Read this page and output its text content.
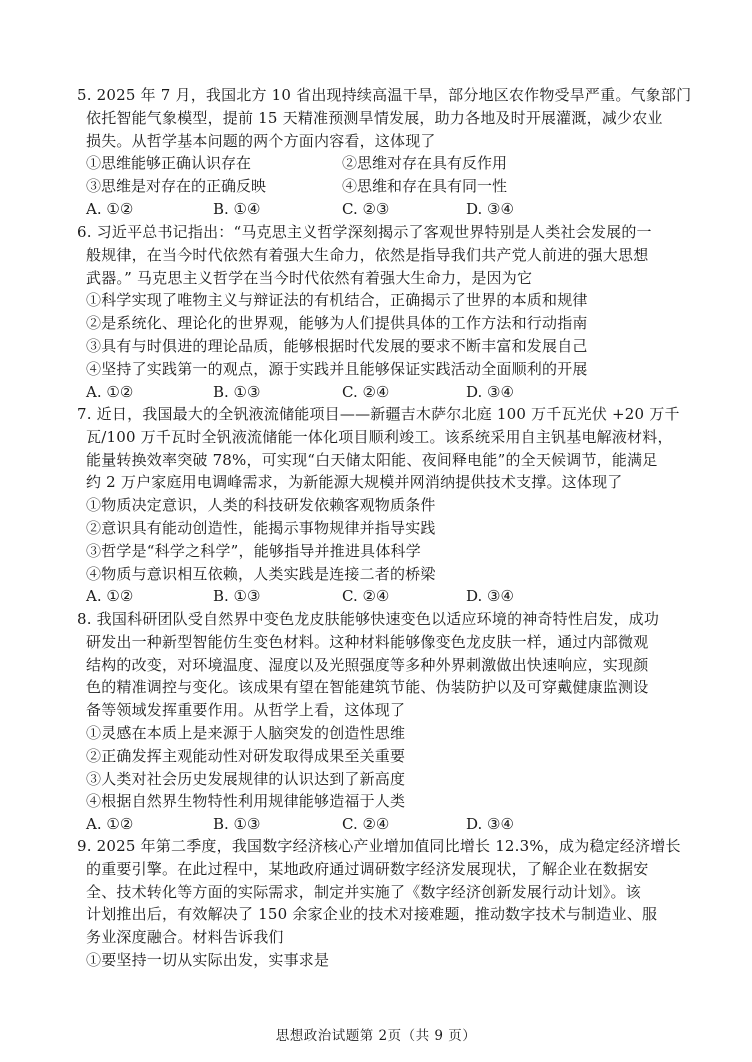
5. 2025 年 7 月，我国北方 10 省出现持续高温干旱，部分地区农作物受旱严重。气象部门
依托智能气象模型，提前 15 天精准预测旱情发展，助力各地及时开展灌溉，减少农业
损失。从哲学基本问题的两个方面内容看，这体现了
①思维能够正确认识存在	②思维对存在具有反作用
③思维是对存在的正确反映	④思维和存在具有同一性
A. ①②	B. ①④	C. ②③	D. ③④
6. 习近平总书记指出：“马克思主义哲学深刻揭示了客观世界特别是人类社会发展的一
般规律，在当今时代依然有着强大生命力，依然是指导我们共产党人前进的强大思想
武器。” 马克思主义哲学在当今时代依然有着强大生命力，是因为它
①科学实现了唯物主义与辩证法的有机结合，正确揭示了世界的本质和规律
②是系统化、理论化的世界观，能够为人们提供具体的工作方法和行动指南
③具有与时俱进的理论品质，能够根据时代发展的要求不断丰富和发展自己
④坚持了实践第一的观点，源于实践并且能够保证实践活动全面顺利的开展
A. ①②	B. ①③	C. ②④	D. ③④
7. 近日，我国最大的全钒液流储能项目——新疆吉木萨尔北庭 100 万千瓦光伏 +20 万千
瓦/100 万千瓦时全钒液流储能一体化项目顺利竣工。该系统采用自主钒基电解液材料，
能量转换效率突破 78%，可实现“白天储太阳能、夜间释电能”的全天候调节，能满足
约 2 万户家庭用电调峰需求，为新能源大规模并网消纳提供技术支撑。这体现了
①物质决定意识，人类的科技研发依赖客观物质条件
②意识具有能动创造性，能揭示事物规律并指导实践
③哲学是“科学之科学”，能够指导并推进具体科学
④物质与意识相互依赖，人类实践是连接二者的桥梁
A. ①②	B. ①③	C. ②④	D. ③④
8. 我国科研团队受自然界中变色龙皮肤能够快速变色以适应环境的神奇特性启发，成功
研发出一种新型智能仿生变色材料。这种材料能够像变色龙皮肤一样，通过内部微观
结构的改变，对环境温度、湿度以及光照强度等多种外界刺激做出快速响应，实现颜
色的精准调控与变化。该成果有望在智能建筑节能、伪装防护以及可穿戴健康监测设
备等领域发挥重要作用。从哲学上看，这体现了
①灵感在本质上是来源于人脑突发的创造性思维
②正确发挥主观能动性对研发取得成果至关重要
③人类对社会历史发展规律的认识达到了新高度
④根据自然界生物特性利用规律能够造福于人类
A. ①②	B. ①③	C. ②④	D. ③④
9. 2025 年第二季度，我国数字经济核心产业增加值同比增长 12.3%，成为稳定经济增长
的重要引擎。在此过程中，某地政府通过调研数字经济发展现状，了解企业在数据安
全、技术转化等方面的实际需求，制定并实施了《数字经济创新发展行动计划》。该
计划推出后，有效解决了 150 余家企业的技术对接难题，推动数字技术与制造业、服
务业深度融合。材料告诉我们
①要坚持一切从实际出发，实事求是
思想政治试题第 2页（共 9 页）
